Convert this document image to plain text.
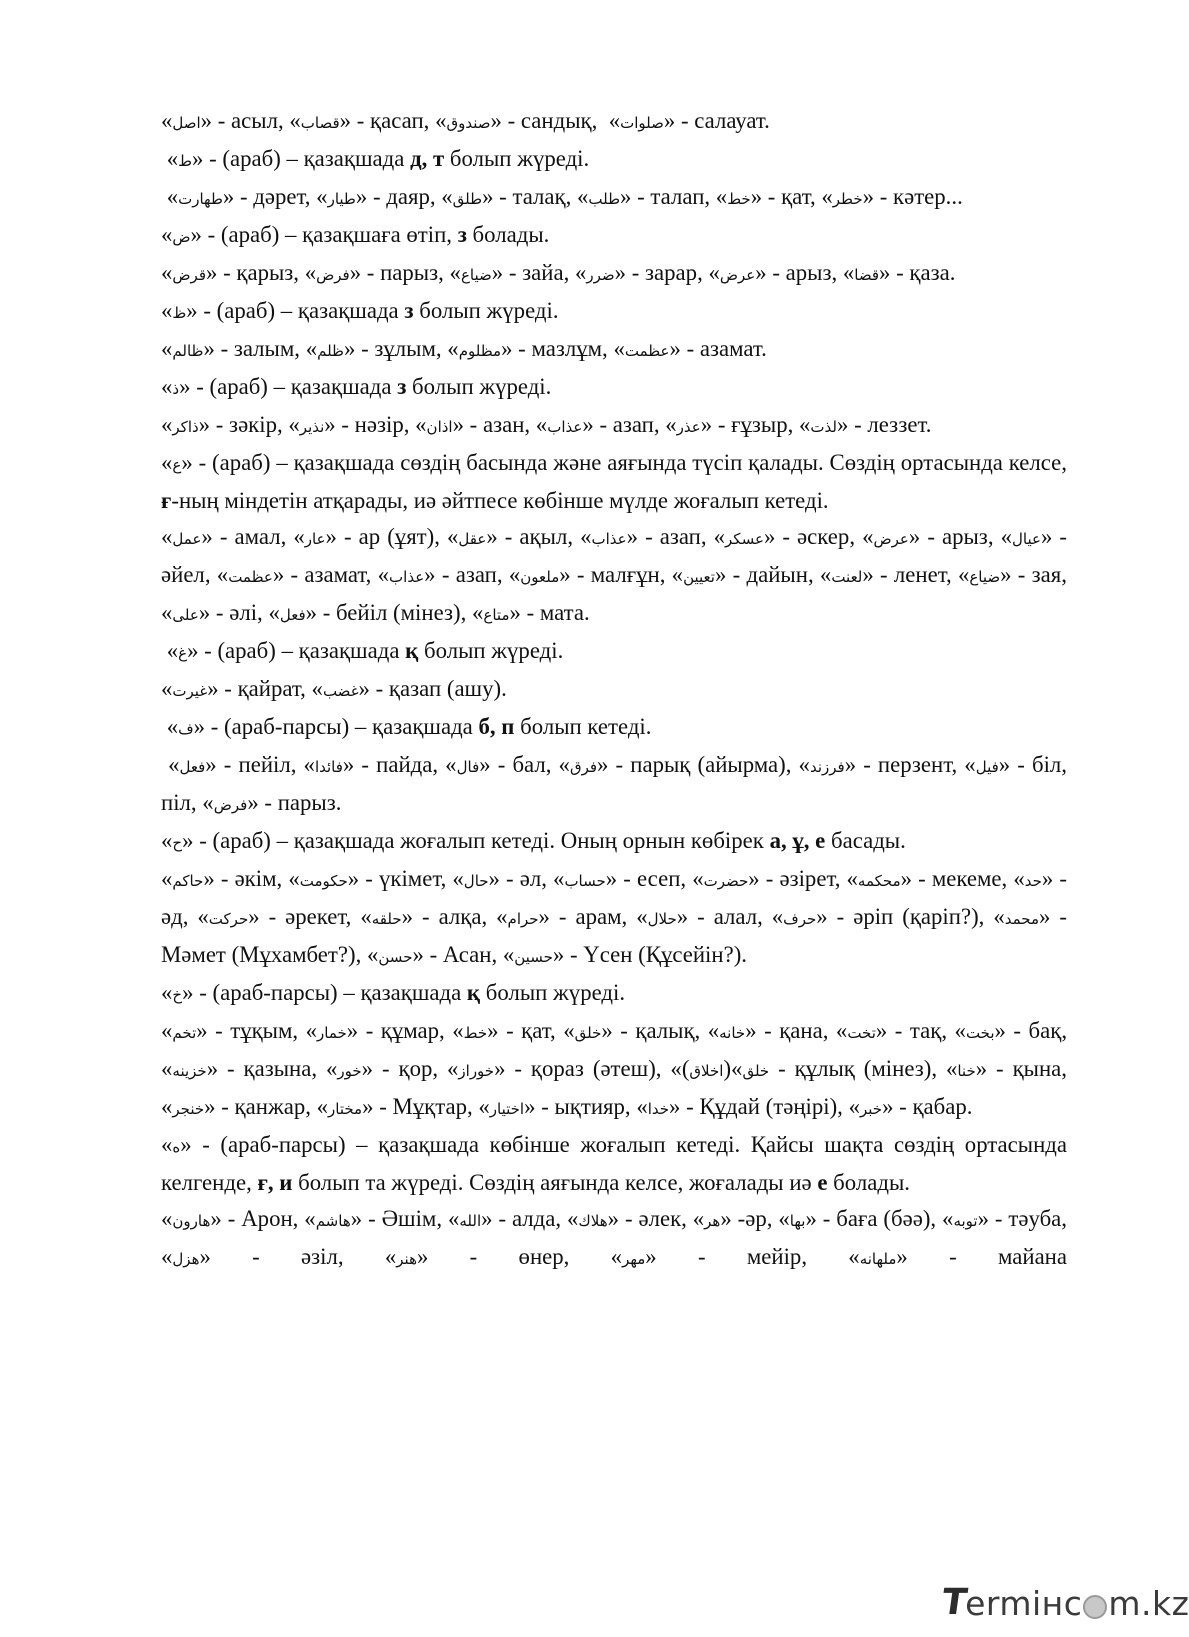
«اصل» - асыл, «قصاب» - қасап, «صندوق» - сандық,  «صلوات» - салауат.

«ط» - (араб) – қазақшада д, т болып жүреді.

«طهارت» - дәрет, «طیار» - даяр, «طلق» - талақ, «طلب» - талап, «خط» - қат, «خطر» - кәтер...

«ض» - (араб) – қазақшаға өтіп, з болады.

«قرض» - қарыз, «فرض» - парыз, «ضیاع» - зайа, «ضرر» - зарар, «عرض» - арыз, «قضا» - қаза.

«ظ» - (араб) – қазақшада з болып жүреді.

«ظالم» - залым, «ظلم» - зұлым, «مظلوم» - мазлұм, «عظمت» - азамат.

«ذ» - (араб) – қазақшада з болып жүреді.

«ذاکر» - зәкір, «نذیر» - нәзір, «اذان» - азан, «عذاب» - азап, «عذر» - ғұзыр, «لذت» - леззет.

«ع» - (араб) – қазақшада сөздің басында және аяғында түсіп қалады. Сөздің ортасында келсе, ғ-ның міндетін атқарады, иә әйтпесе көбінше мүлде жоғалып кетеді.

«عمل» - амал, «عار» - ар (ұят), «عقل» - ақыл, «عذاب» - азап, «عسکر» - әскер, «عرض» - арыз, «عیال» - әйел, «عظمت» - азамат, «عذاب» - азап, «ملعون» - малғұн, «تعیین» - дайын, «لعنت» - ленет, «ضیاع» - зая, «علی» - әлі, «فعل» - бейіл (мінез), «متاع» - мата.

«غ» - (араб) – қазақшада қ болып жүреді.

«غیرت» - қайрат, «غضب» - қазап (ашу).

«ف» - (араб-парсы) – қазақшада б, п болып кетеді.

«فعل» - пейіл, «فائدا» - пайда, «فال» - бал, «فرق» - парық (айырма), «فرزند» - перзент, «فیل» - біл, піл, «فرض» - парыз.

«ح» - (араб) – қазақшада жоғалып кетеді. Оның орнын көбірек а, ұ, е басады.

«حاکم» - әкім, «حکومت» - үкімет, «حال» - әл, «حساب» - есеп, «حضرت» - әзірет, «محکمه» - мекеме, «حد» - әд, «حرکت» - әрекет, «حلقه» - алқа, «حرام» - арам, «حلال» - алал, «حرف» - әріп (қаріп?), «محمد» - Мәмет (Мұхамбет?), «حسن» - Асан, «حسین» - Үсен (Құсейін?).

«خ» - (араб-парсы) – қазақшада қ болып жүреді.

«تخم» - тұқым, «خمار» - құмар, «خط» - қат, «خلق» - қалық, «خانه» - қана, «تخت» - тақ, «بخت» - бақ, «خزینه» - қазына, «خور» - қор, «خوراز» - қораз (әтеш), «	خلق»(اخلاق) - құлық (мінез), «خنا» - қына, «خنجر» - қанжар, «مختار» - Мұқтар, «اختیار» - ықтияр, «خدا» - Құдай (тәңірі), «خبر» - қабар.

«ه» - (араб-парсы) – қазақшада көбінше жоғалып кетеді. Қайсы шақта сөздің ортасында келгенде, ғ, и болып та жүреді. Сөздің аяғында келсе, жоғалады иә е болады.

«هارون» - Арон, «هاشم» - Әшім, «الله» - алда, «هلاك» - әлек, «هر» -әр, «بها» - баға (бәә), «توبه» - тәуба, «هزل» - әзіл, «هنر» - өнер, «مهر» - мейір, «ملهانه» - майана

T
ermінc m.kz
